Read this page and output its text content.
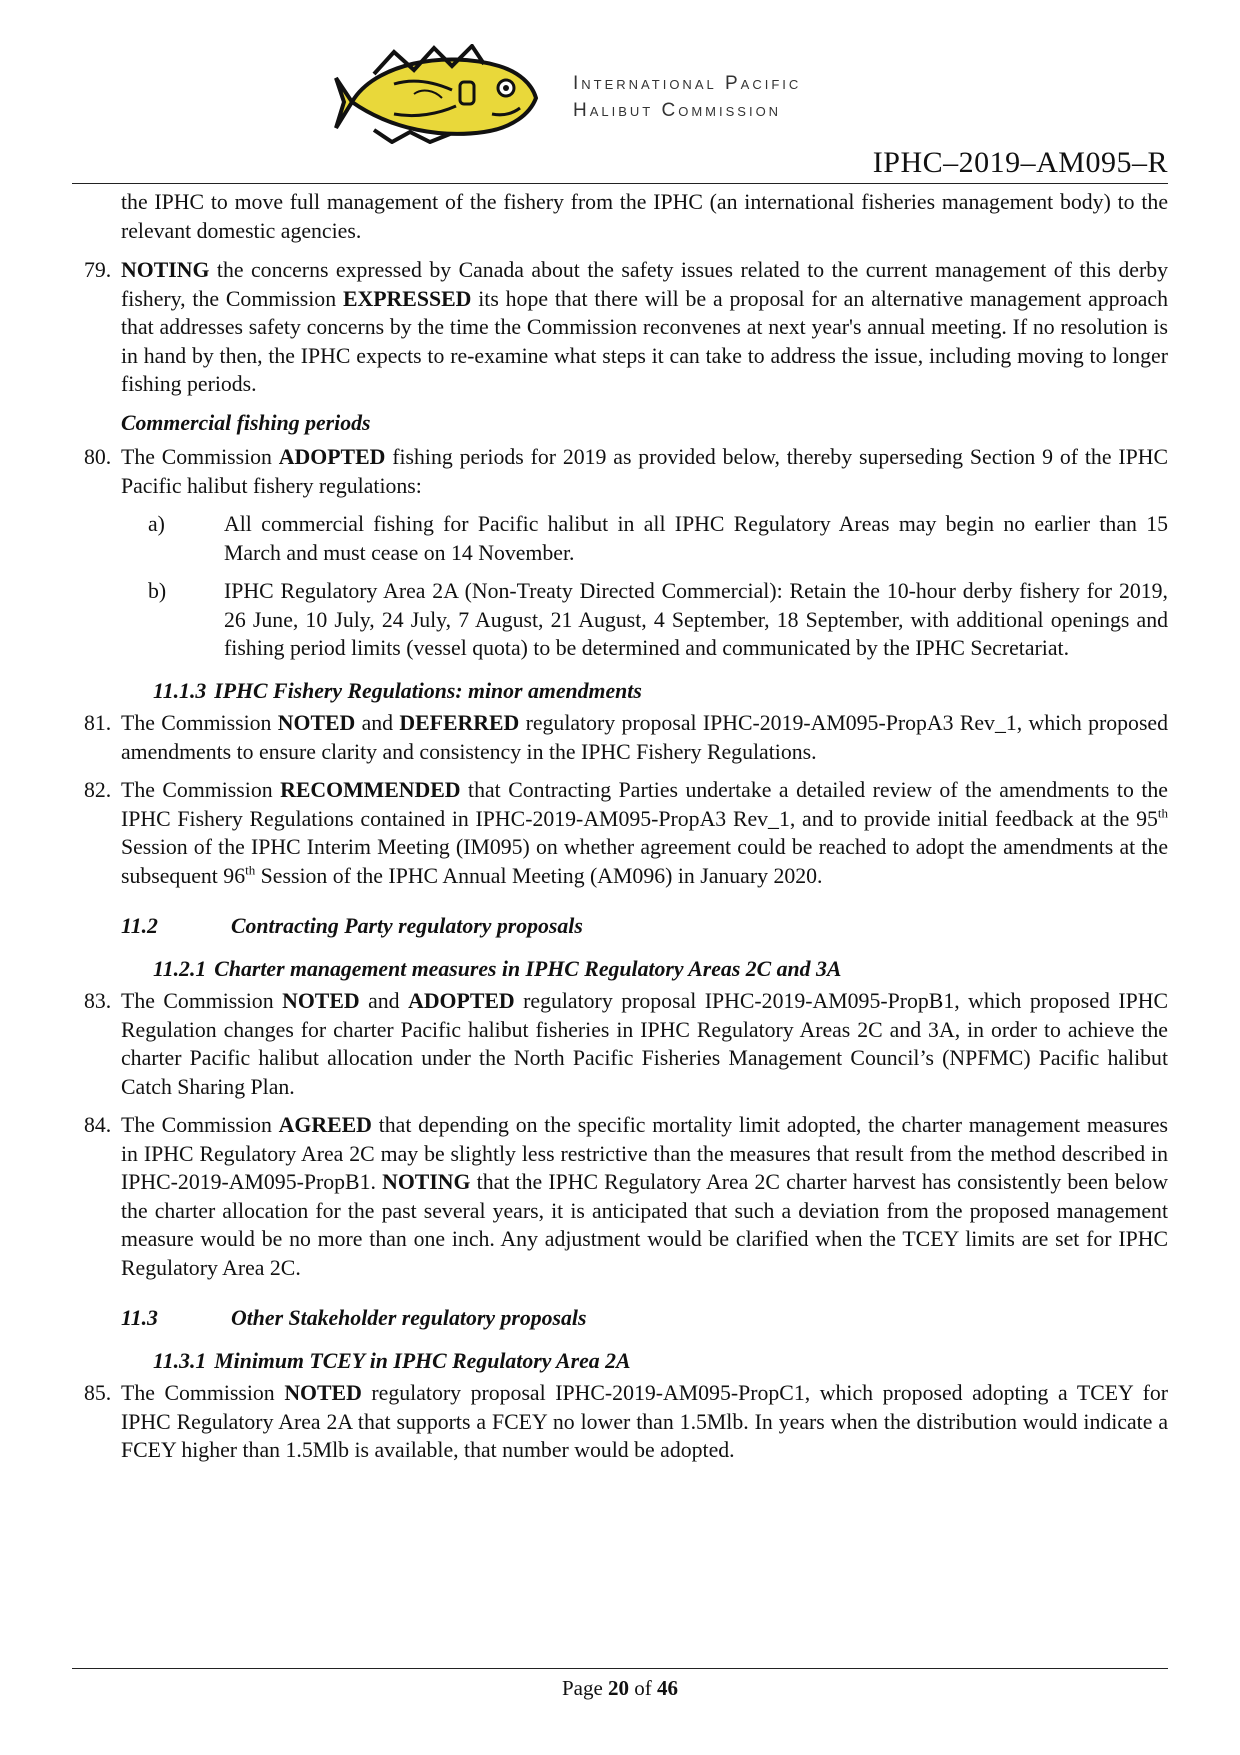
International Pacific
Halibut Commission
IPHC–2019–AM095–R
the IPHC to move full management of the fishery from the IPHC (an international fisheries management body) to the relevant domestic agencies.
79. NOTING the concerns expressed by Canada about the safety issues related to the current management of this derby fishery, the Commission EXPRESSED its hope that there will be a proposal for an alternative management approach that addresses safety concerns by the time the Commission reconvenes at next year's annual meeting. If no resolution is in hand by then, the IPHC expects to re-examine what steps it can take to address the issue, including moving to longer fishing periods.
Commercial fishing periods
80. The Commission ADOPTED fishing periods for 2019 as provided below, thereby superseding Section 9 of the IPHC Pacific halibut fishery regulations:
a)	All commercial fishing for Pacific halibut in all IPHC Regulatory Areas may begin no earlier than 15 March and must cease on 14 November.
b)	IPHC Regulatory Area 2A (Non-Treaty Directed Commercial): Retain the 10-hour derby fishery for 2019, 26 June, 10 July, 24 July, 7 August, 21 August, 4 September, 18 September, with additional openings and fishing period limits (vessel quota) to be determined and communicated by the IPHC Secretariat.
11.1.3 IPHC Fishery Regulations: minor amendments
81. The Commission NOTED and DEFERRED regulatory proposal IPHC-2019-AM095-PropA3 Rev_1, which proposed amendments to ensure clarity and consistency in the IPHC Fishery Regulations.
82. The Commission RECOMMENDED that Contracting Parties undertake a detailed review of the amendments to the IPHC Fishery Regulations contained in IPHC-2019-AM095-PropA3 Rev_1, and to provide initial feedback at the 95th Session of the IPHC Interim Meeting (IM095) on whether agreement could be reached to adopt the amendments at the subsequent 96th Session of the IPHC Annual Meeting (AM096) in January 2020.
11.2	Contracting Party regulatory proposals
11.2.1 Charter management measures in IPHC Regulatory Areas 2C and 3A
83. The Commission NOTED and ADOPTED regulatory proposal IPHC-2019-AM095-PropB1, which proposed IPHC Regulation changes for charter Pacific halibut fisheries in IPHC Regulatory Areas 2C and 3A, in order to achieve the charter Pacific halibut allocation under the North Pacific Fisheries Management Council’s (NPFMC) Pacific halibut Catch Sharing Plan.
84. The Commission AGREED that depending on the specific mortality limit adopted, the charter management measures in IPHC Regulatory Area 2C may be slightly less restrictive than the measures that result from the method described in IPHC-2019-AM095-PropB1. NOTING that the IPHC Regulatory Area 2C charter harvest has consistently been below the charter allocation for the past several years, it is anticipated that such a deviation from the proposed management measure would be no more than one inch. Any adjustment would be clarified when the TCEY limits are set for IPHC Regulatory Area 2C.
11.3	Other Stakeholder regulatory proposals
11.3.1 Minimum TCEY in IPHC Regulatory Area 2A
85. The Commission NOTED regulatory proposal IPHC-2019-AM095-PropC1, which proposed adopting a TCEY for IPHC Regulatory Area 2A that supports a FCEY no lower than 1.5Mlb. In years when the distribution would indicate a FCEY higher than 1.5Mlb is available, that number would be adopted.
Page 20 of 46
